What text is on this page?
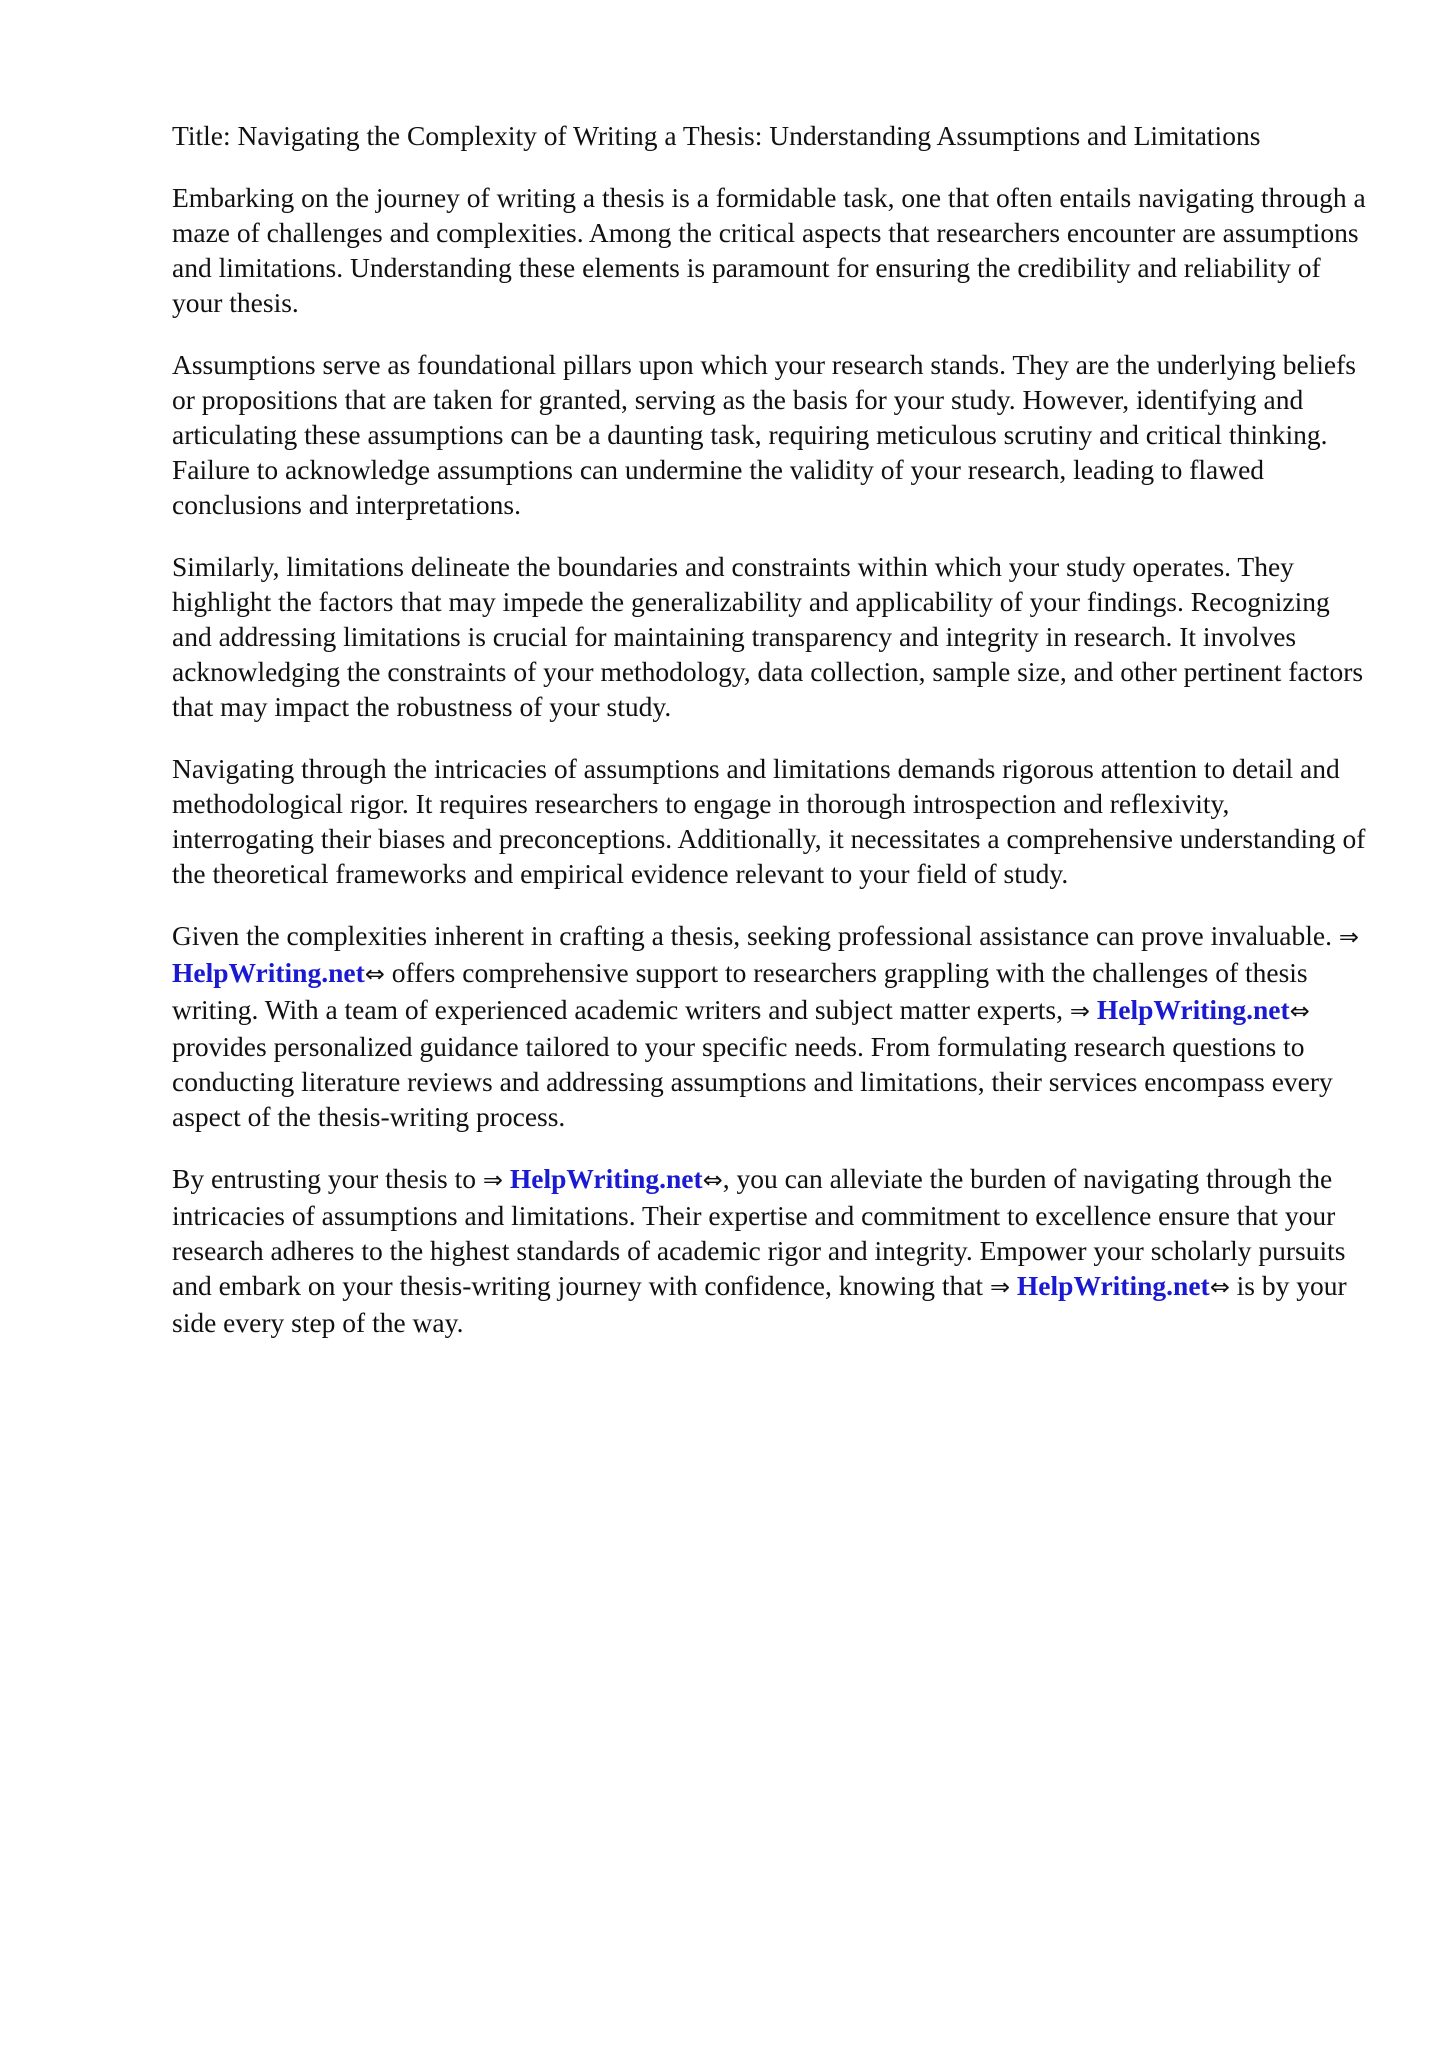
Title: Navigating the Complexity of Writing a Thesis: Understanding Assumptions and Limitations

Embarking on the journey of writing a thesis is a formidable task, one that often entails navigating through a maze of challenges and complexities. Among the critical aspects that researchers encounter are assumptions and limitations. Understanding these elements is paramount for ensuring the credibility and reliability of your thesis.

Assumptions serve as foundational pillars upon which your research stands. They are the underlying beliefs or propositions that are taken for granted, serving as the basis for your study. However, identifying and articulating these assumptions can be a daunting task, requiring meticulous scrutiny and critical thinking. Failure to acknowledge assumptions can undermine the validity of your research, leading to flawed conclusions and interpretations.

Similarly, limitations delineate the boundaries and constraints within which your study operates. They highlight the factors that may impede the generalizability and applicability of your findings. Recognizing and addressing limitations is crucial for maintaining transparency and integrity in research. It involves acknowledging the constraints of your methodology, data collection, sample size, and other pertinent factors that may impact the robustness of your study.

Navigating through the intricacies of assumptions and limitations demands rigorous attention to detail and methodological rigor. It requires researchers to engage in thorough introspection and reflexivity, interrogating their biases and preconceptions. Additionally, it necessitates a comprehensive understanding of the theoretical frameworks and empirical evidence relevant to your field of study.

Given the complexities inherent in crafting a thesis, seeking professional assistance can prove invaluable. ⇒ HelpWriting.net⇔ offers comprehensive support to researchers grappling with the challenges of thesis writing. With a team of experienced academic writers and subject matter experts, ⇒ HelpWriting.net⇔ provides personalized guidance tailored to your specific needs. From formulating research questions to conducting literature reviews and addressing assumptions and limitations, their services encompass every aspect of the thesis-writing process.

By entrusting your thesis to ⇒ HelpWriting.net⇔, you can alleviate the burden of navigating through the intricacies of assumptions and limitations. Their expertise and commitment to excellence ensure that your research adheres to the highest standards of academic rigor and integrity. Empower your scholarly pursuits and embark on your thesis-writing journey with confidence, knowing that ⇒ HelpWriting.net⇔ is by your side every step of the way.
